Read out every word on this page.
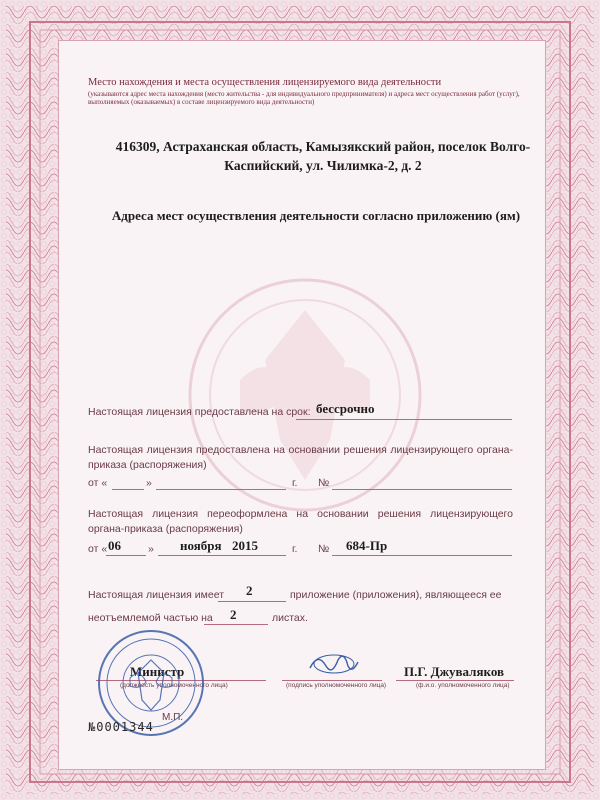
Место нахождения и места осуществления лицензируемого вида деятельности
(указываются адрес места нахождения (место жительства - для индивидуального предпринимателя) и адреса мест осуществления работ (услуг), выполняемых (оказываемых) в составе лицензируемого вида деятельности)
416309, Астраханская область, Камызякский район, поселок Волго-Каспийский, ул. Чилимка-2, д. 2
Адреса мест осуществления деятельности согласно приложению (ям)
Настоящая лицензия предоставлена на срок: бессрочно
Настоящая лицензия предоставлена на основании решения лицензирующего органа-приказа (распоряжения)
от «	»	г. №
Настоящая лицензия переоформлена на основании решения лицензирующего органа-приказа (распоряжения)
от « 06	» ноября 2015	г. № 684-Пр
Настоящая лицензия имеет 2	приложение (приложения), являющееся ее
неотъемлемой частью на 2	листах.
Министр
(должность уполномоченного лица)	(подпись уполномоченного лица)
П.Г. Джуваляков
(ф.и.о. уполномоченного лица)
М.П.
№0001344
